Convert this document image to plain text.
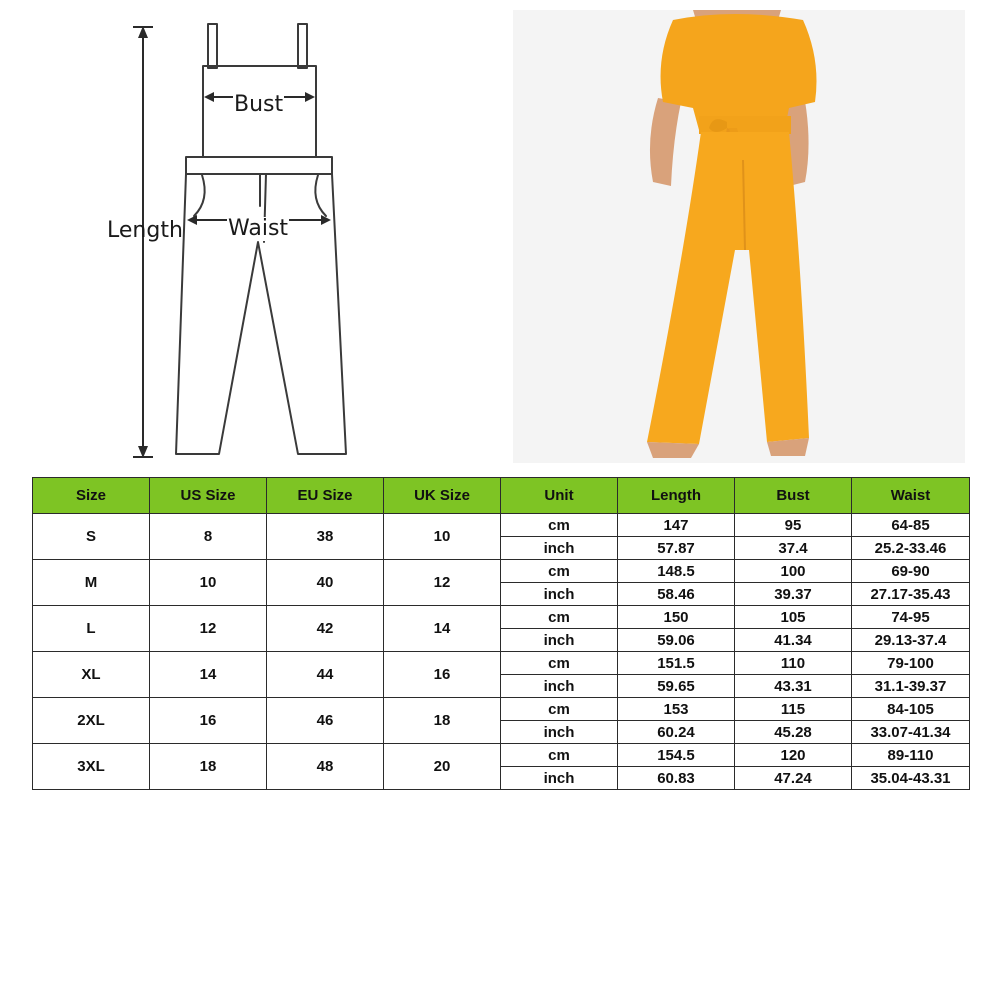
Bust
Length Waist
Size	US Size	EU Size	UK Size	Unit	Length	Bust	Waist
S	8	38	10	cm	147	95	64-85
				inch	57.87	37.4	25.2-33.46
M	10	40	12	cm	148.5	100	69-90
				inch	58.46	39.37	27.17-35.43
L	12	42	14	cm	150	105	74-95
				inch	59.06	41.34	29.13-37.4
XL	14	44	16	cm	151.5	110	79-100
				inch	59.65	43.31	31.1-39.37
2XL	16	46	18	cm	153	115	84-105
				inch	60.24	45.28	33.07-41.34
3XL	18	48	20	cm	154.5	120	89-110
				inch	60.83	47.24	35.04-43.31
